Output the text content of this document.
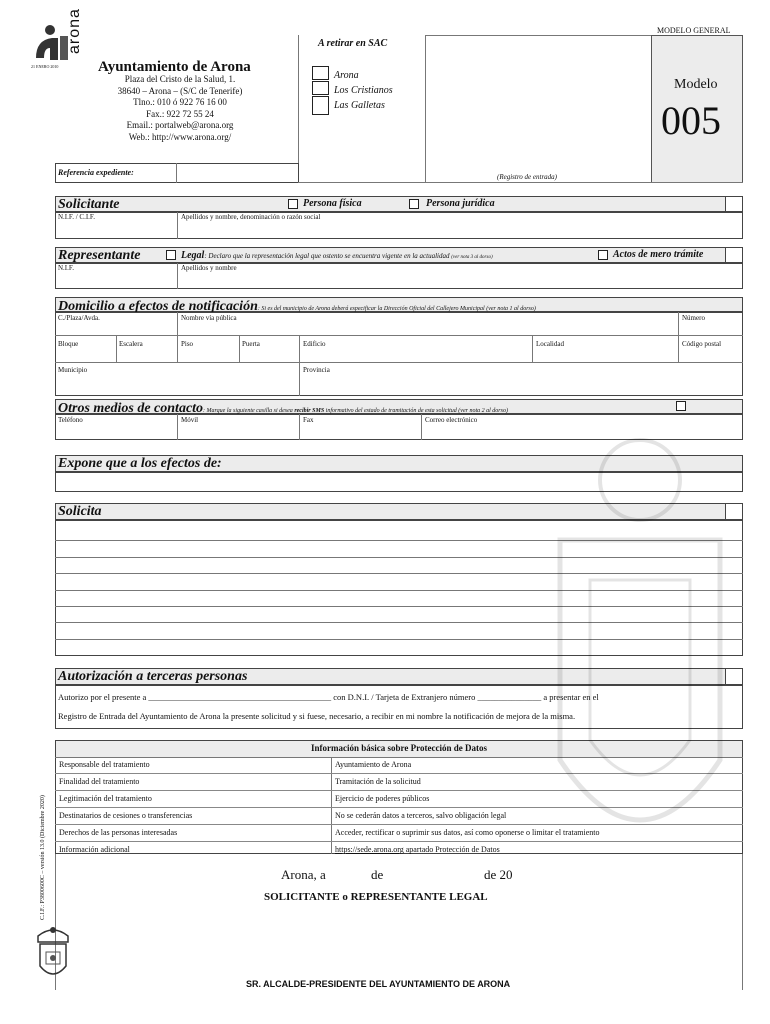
arona
21 ENERO 2010
MODELO GENERAL
Ayuntamiento de Arona
Plaza del Cristo de la Salud, 1.
38640 – Arona – (S/C de Tenerife)
Tlno.: 010 ó 922 76 16 00
Fax.: 922 72 55 24
Email.: portalweb@arona.org
Web.: http://www.arona.org/
A retirar en SAC
Arona
Los Cristianos
Las Galletas
Modelo
005
Referencia expediente:	(Registro de entrada)
Solicitante	Persona física	Persona jurídica
N.I.F. / C.I.F.	Apellidos y nombre, denominación o razón social
Representante	Legal: Declaro que la representación legal que ostento se encuentra vigente en la actualidad (ver nota 3 al dorso)	Actos de mero trámite
N.I.F.	Apellidos y nombre
Domicilio a efectos de notificación: Si es del municipio de Arona deberá especificar la Dirección Oficial del Callejero Municipal (ver nota 1 al dorso)
C./Plaza/Avda.	Nombre vía pública	Número
Bloque	Escalera	Piso	Puerta	Edificio	Localidad	Código postal
Municipio	Provincia
Otros medios de contacto: Marque la siguiente casilla si desea recibir SMS informativo del estado de tramitación de esta solicitud (ver nota 2 al dorso)
Teléfono	Móvil	Fax	Correo electrónico
Expone que a los efectos de:
Solicita
Autorización a terceras personas
Autorizo por el presente a ___________________________________________ con D.N.I. / Tarjeta de Extranjero número _______________ a presentar en el
Registro de Entrada del Ayuntamiento de Arona la presente solicitud y si fuese, necesario, a recibir en mi nombre la notificación de mejora de la misma.
Información básica sobre Protección de Datos
Responsable del tratamiento	Ayuntamiento de Arona
Finalidad del tratamiento	Tramitación de la solicitud
Legitimación del tratamiento	Ejercicio de poderes públicos
Destinatarios de cesiones o transferencias	No se cederán datos a terceros, salvo obligación legal
Derechos de las personas interesadas	Acceder, rectificar o suprimir sus datos, así como oponerse o limitar el tratamiento
Información adicional	https://sede.arona.org apartado Protección de Datos
Arona, a	de	de 20
SOLICITANTE o REPRESENTANTE LEGAL
SR. ALCALDE-PRESIDENTE DEL AYUNTAMIENTO DE ARONA
C.I.F.: P3800600C – versión 13.0 (Diciembre 2020)
